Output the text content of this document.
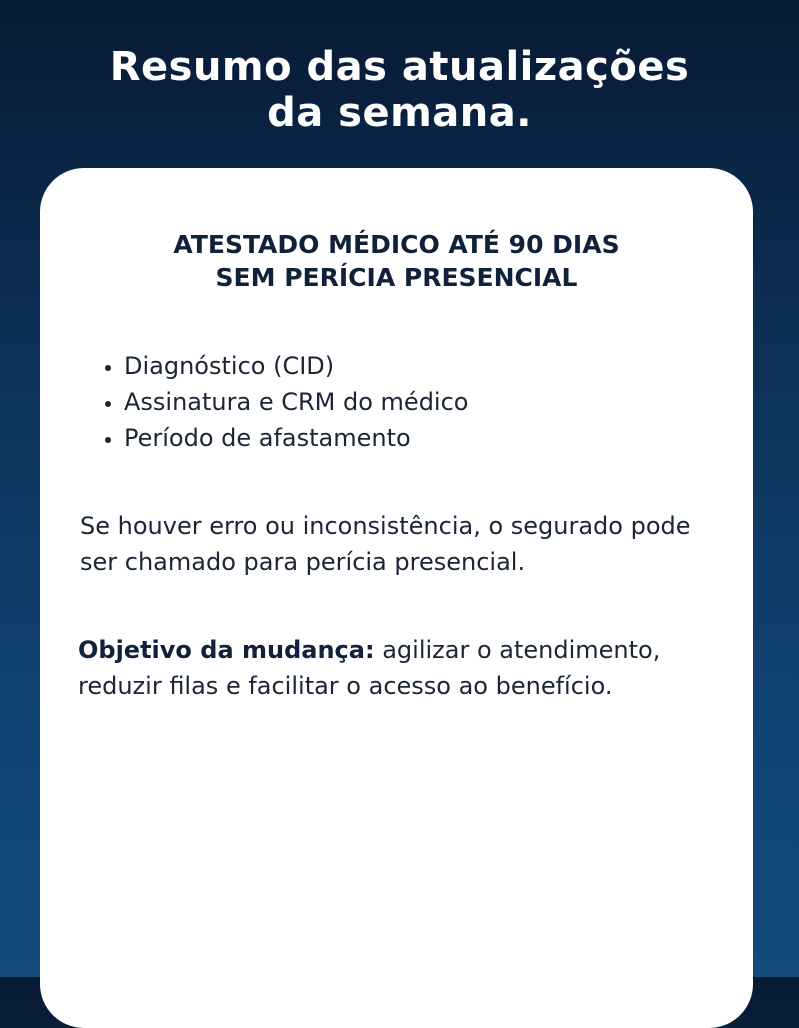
Resumo das atualizações
da semana.
ATESTADO MÉDICO ATÉ 90 DIAS
SEM PERÍCIA PRESENCIAL
• Diagnóstico (CID)
• Assinatura e CRM do médico
• Período de afastamento

Se houver erro ou inconsistência, o segurado pode ser chamado para perícia presencial.

Objetivo da mudança: agilizar o atendimento, reduzir filas e facilitar o acesso ao benefício.
